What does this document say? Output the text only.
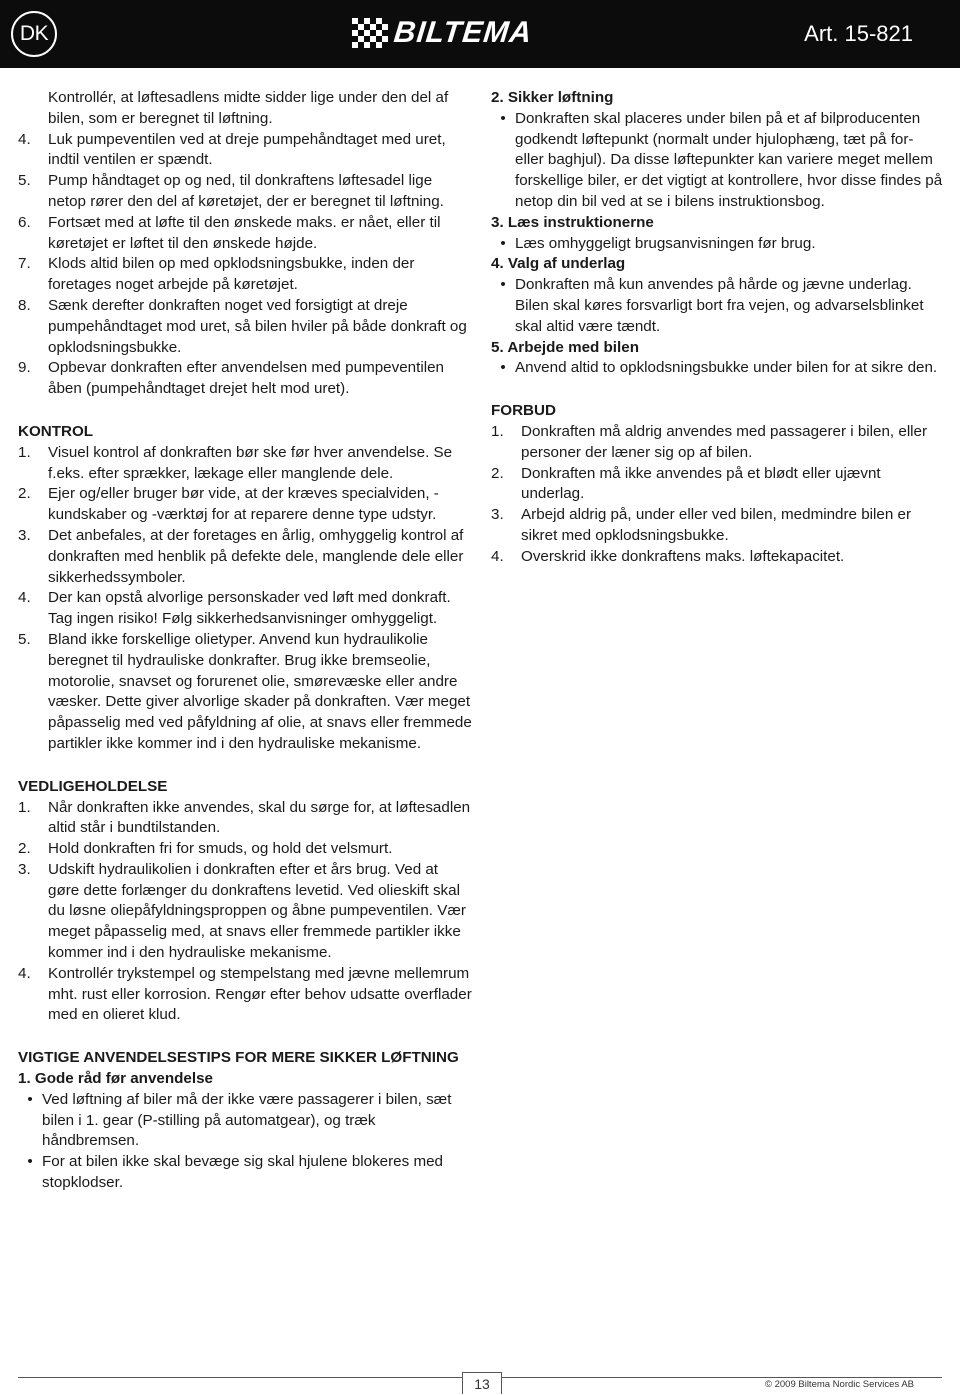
DK	BILTEMA	Art. 15-821

Kontrollér, at løftesadlens midte sidder lige under den del af bilen, som er beregnet til løftning.

4.	Luk pumpeventilen ved at dreje pumpehåndtaget med uret, indtil ventilen er spændt.
5.	Pump håndtaget op og ned, til donkraftens løftesadel lige netop rører den del af køretøjet, der er beregnet til løftning.
6.	Fortsæt med at løfte til den ønskede maks. er nået, eller til køretøjet er løftet til den ønskede højde.
7.	Klods altid bilen op med opklodsningsbukke, inden der foretages noget arbejde på køretøjet.
8.	Sænk derefter donkraften noget ved forsigtigt at dreje pumpehåndtaget mod uret, så bilen hviler på både donkraft og opklodsningsbukke.
9.	Opbevar donkraften efter anvendelsen med pumpeventilen åben (pumpehåndtaget drejet helt mod uret).

KONTROL

1.	Visuel kontrol af donkraften bør ske før hver anvendelse. Se f.eks. efter sprækker, lækage eller manglende dele.
2.	Ejer og/eller bruger bør vide, at der kræves specialviden, -kundskaber og -værktøj for at reparere denne type udstyr.
3.	Det anbefales, at der foretages en årlig, omhyggelig kontrol af donkraften med henblik på defekte dele, manglende dele eller sikkerhedssymboler.
4.	Der kan opstå alvorlige personskader ved løft med donkraft.
Tag ingen risiko! Følg sikkerhedsanvisninger omhyggeligt.
5.	Bland ikke forskellige olietyper. Anvend kun hydraulikolie beregnet til hydrauliske donkrafter. Brug ikke bremseolie, motorolie, snavset og forurenet olie, smørevæske eller andre væsker. Dette giver alvorlige skader på donkraften. Vær meget påpasselig med ved påfyldning af olie, at snavs eller fremmede partikler ikke kommer ind i den hydrauliske mekanisme.

VEDLIGEHOLDELSE

1.	Når donkraften ikke anvendes, skal du sørge for, at løftesadlen altid står i bundtilstanden.
2.	Hold donkraften fri for smuds, og hold det velsmurt.
3.	Udskift hydraulikolien i donkraften efter et års brug. Ved at gøre dette forlænger du donkraftens levetid. Ved olieskift skal du løsne oliepåfyldningsproppen og åbne pumpeventilen. Vær meget påpasselig med, at snavs eller fremmede partikler ikke kommer ind i den hydrauliske mekanisme.
4.	Kontrollér trykstempel og stempelstang med jævne mellemrum mht. rust eller korrosion. Rengør efter behov udsatte overflader med en olieret klud.

VIGTIGE ANVENDELSESTIPS FOR MERE SIKKER LØFTNING

1. Gode råd før anvendelse

• Ved løftning af biler må der ikke være passagerer i bilen, sæt bilen i 1. gear (P-stilling på automatgear), og træk håndbremsen.
• For at bilen ikke skal bevæge sig skal hjulene blokeres med stopklodser.

2. Sikker løftning

• Donkraften skal placeres under bilen på et af bilproducenten godkendt løftepunkt (normalt under hjulophæng, tæt på for- eller baghjul). Da disse løftepunkter kan variere meget mellem forskellige biler, er det vigtigt at kontrollere, hvor disse findes på netop din bil ved at se i bilens instruktionsbog.

3. Læs instruktionerne

• Læs omhyggeligt brugsanvisningen før brug.

4. Valg af underlag

• Donkraften må kun anvendes på hårde og jævne underlag. Bilen skal køres forsvarligt bort fra vejen, og advarselsblinket skal altid være tændt.

5. Arbejde med bilen

• Anvend altid to opklodsningsbukke under bilen for at sikre den.

FORBUD

1.	Donkraften må aldrig anvendes med passagerer i bilen, eller personer der læner sig op af bilen.
2.	Donkraften må ikke anvendes på et blødt eller ujævnt underlag.
3.	Arbejd aldrig på, under eller ved bilen, medmindre bilen er sikret med opklodsningsbukke.
4.	Overskrid ikke donkraftens maks. løftekapacitet.
13	© 2009 Biltema Nordic Services AB
